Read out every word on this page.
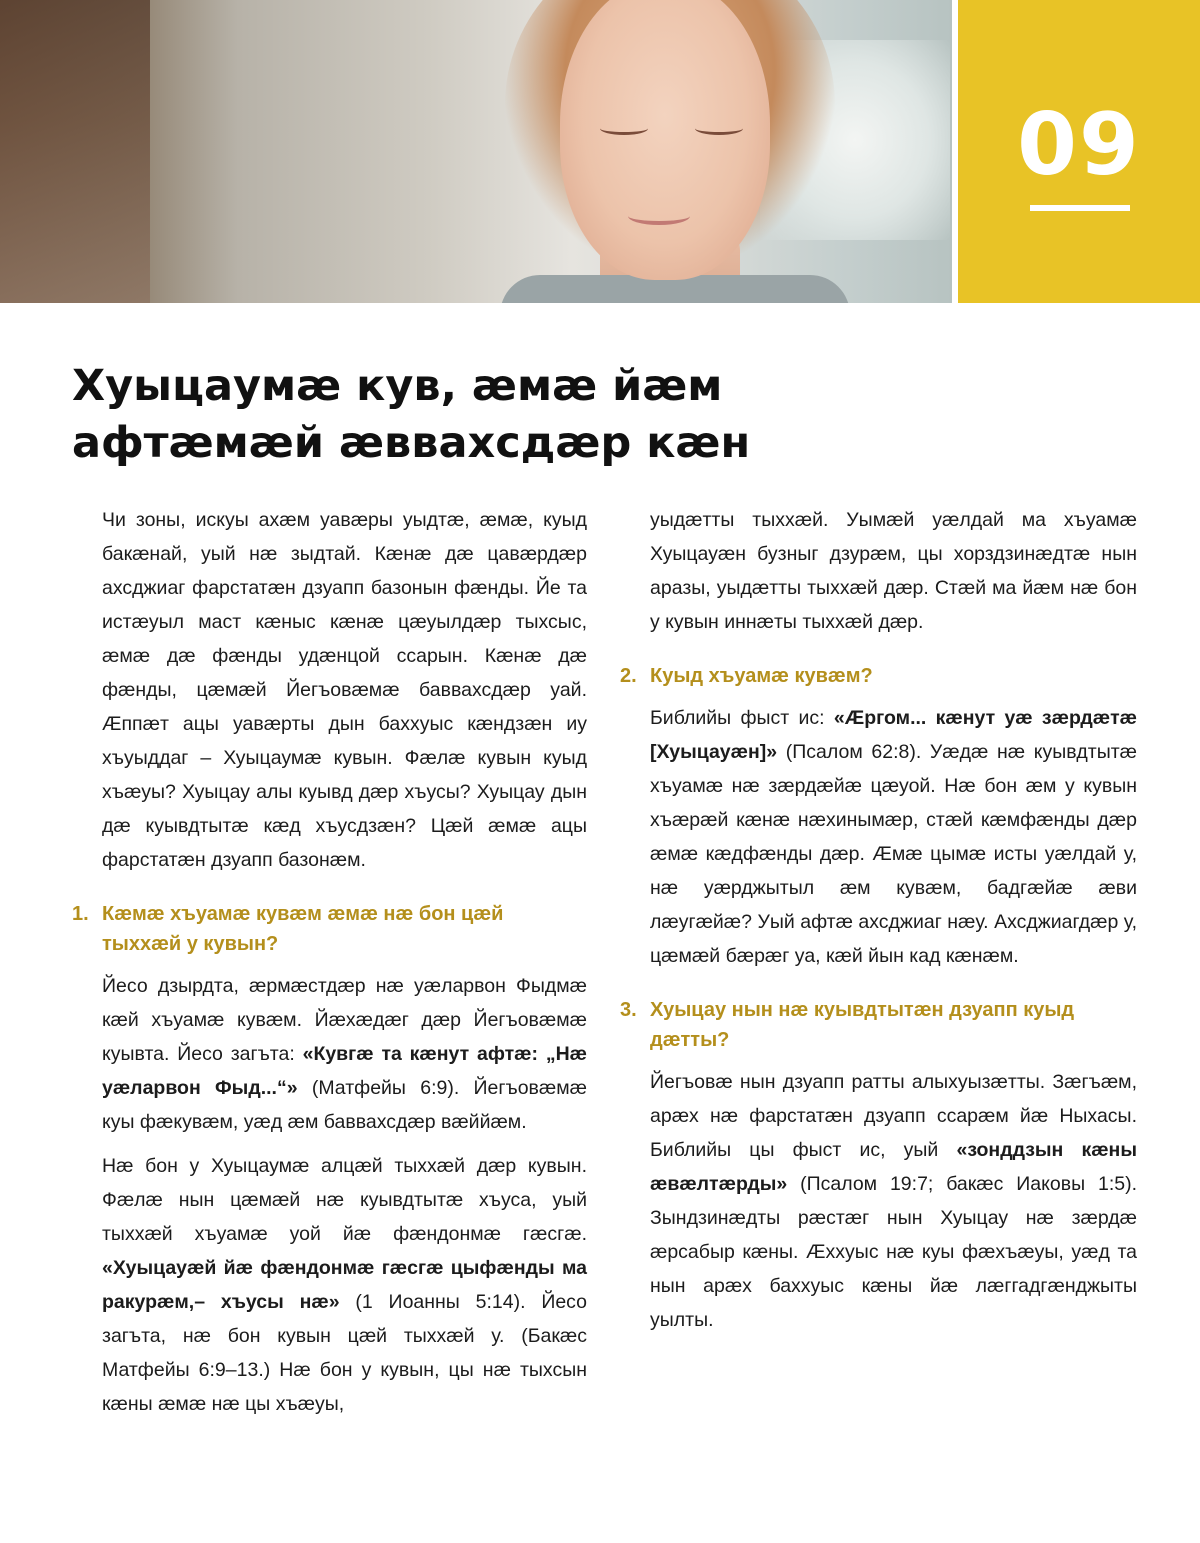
09
Хуыцаумæ кув, æмæ йæм
афтæмæй æвваxсдæр кæн

Чи зоны, искуы ахæм уавæры уыдтæ, æмæ, куыд бакæнай, уый нæ зыдтай. Кæнæ дæ цавæрдæр ахсджиаг фарстатæн дзуапп базонын фæнды. Йе та истæуыл маст кæныс кæнæ цæуылдæр тыхсыс, æмæ дæ фæнды удæнцой ссарын. Кæнæ дæ фæнды, цæмæй Йегъовæмæ баввахсдæр уай. Æппæт ацы уавæрты дын баххуыс кæндзæн иу хъуыддаг – Хуыцаумæ кувын. Фæлæ кувын куыд хъæуы? Хуыцау алы куывд дæр хъусы? Хуыцау дын дæ куывдтытæ кæд хъусдзæн? Цæй æмæ ацы фарстатæн дзуапп базонæм.

1. Кæмæ хъуамæ кувæм æмæ нæ бон цæй тыххæй у кувын?

Йесо дзырдта, æрмæстдæр нæ уæларвон Фыдмæ кæй хъуамæ кувæм. Йæхæдæг дæр Йегъовæмæ куывта. Йесо загъта: «Кувгæ та кæнут афтæ: „Нæ уæларвон Фыд...“» (Матфейы 6:9). Йегъовæмæ куы фæкувæм, уæд æм баввахсдæр вæййæм.

Нæ бон у Хуыцаумæ алцæй тыххæй дæр кувын. Фæлæ нын цæмæй нæ куывдтытæ хъуса, уый тыххæй хъуамæ уой йæ фæндонмæ гæсгæ. «Хуыцауæй йæ фæндонмæ гæсгæ цыфæнды ма ракурæм,– хъусы нæ» (1 Иоанны 5:14). Йесо загъта, нæ бон кувын цæй тыххæй у. (Бакæс Матфейы 6:9–13.) Нæ бон у кувын, цы нæ тыхсын кæны æмæ нæ цы хъæуы,

уыдæтты тыххæй. Уымæй уæлдай ма хъуамæ Хуыцауæн бузныг дзурæм, цы хорздзинæдтæ нын аразы, уыдæтты тыххæй дæр. Стæй ма йæм нæ бон у кувын иннæты тыххæй дæр.

2. Куыд хъуамæ кувæм?

Библийы фыст ис: «Æргом... кæнут уæ зæрдæтæ [Хуыцауæн]» (Псалом 62:8). Уæдæ нæ куывдтытæ хъуамæ нæ зæрдæйæ цæуой. Нæ бон æм у кувын хъæрæй кæнæ нæхинымæр, стæй кæмфæнды дæр æмæ кæдфæнды дæр. Æмæ цымæ исты уæлдай у, нæ уæрджытыл æм кувæм, бадгæйæ æви лæугæйæ? Уый афтæ ахсджиаг нæу. Ахсджиагдæр у, цæмæй бæрæг уа, кæй йын кад кæнæм.

3. Хуыцау нын нæ куывдтытæн дзуапп куыд дæтты?

Йегъовæ нын дзуапп ратты алыхуызæтты. Зæгъæм, арæх нæ фарстатæн дзуапп ссарæм йæ Ныхасы. Библийы цы фыст ис, уый «зонддзын кæны æвæлтæрды» (Псалом 19:7; бакæс Иаковы 1:5). Зындзинæдты рæстæг нын Хуыцау нæ зæрдæ æрсабыр кæны. Æххуыс нæ куы фæхъæуы, уæд та нын арæх баххуыс кæны йæ лæггадгæнджыты уылты.
